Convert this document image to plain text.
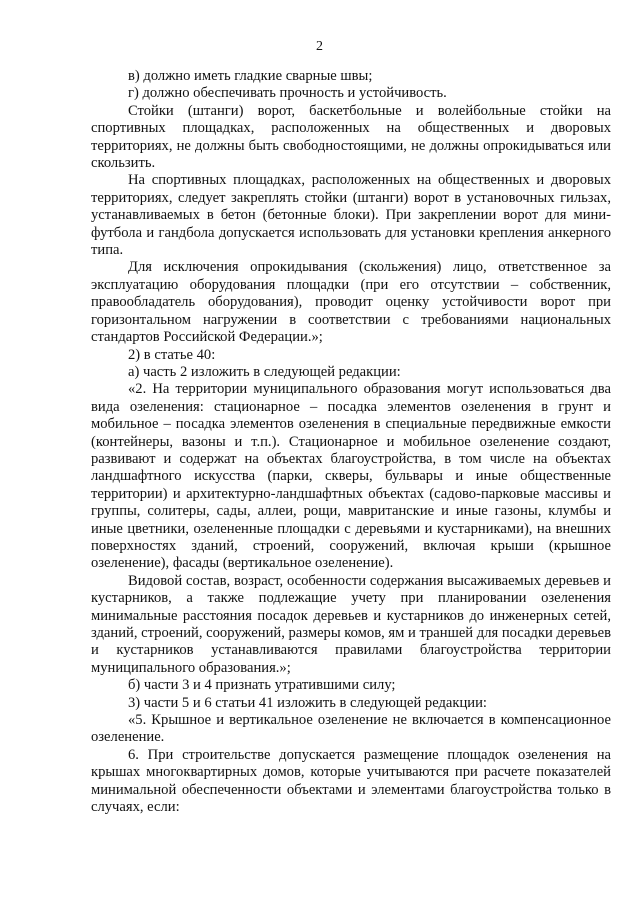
2

в) должно иметь гладкие сварные швы;

г) должно обеспечивать прочность и устойчивость.

Стойки (штанги) ворот, баскетбольные и волейбольные стойки на спортивных площадках, расположенных на общественных и дворовых территориях, не должны быть свободностоящими, не должны опрокидываться или скользить.

На спортивных площадках, расположенных на общественных и дворовых территориях, следует закреплять стойки (штанги) ворот в установочных гильзах, устанавливаемых в бетон (бетонные блоки). При закреплении ворот для мини-футбола и гандбола допускается использовать для установки крепления анкерного типа.

Для исключения опрокидывания (скольжения) лицо, ответственное за эксплуатацию оборудования площадки (при его отсутствии – собственник, правообладатель оборудования), проводит оценку устойчивости ворот при горизонтальном нагружении в соответствии с требованиями национальных стандартов Российской Федерации.»;

2) в статье 40:

а) часть 2 изложить в следующей редакции:

«2. На территории муниципального образования могут использоваться два вида озеленения: стационарное – посадка элементов озеленения в грунт и мобильное – посадка элементов озеленения в специальные передвижные емкости (контейнеры, вазоны и т.п.). Стационарное и мобильное озеленение создают, развивают и содержат на объектах благоустройства, в том числе на объектах ландшафтного искусства (парки, скверы, бульвары и иные общественные территории) и архитектурно-ландшафтных объектах (садово-парковые массивы и группы, солитеры, сады, аллеи, рощи, мавританские и иные газоны, клумбы и иные цветники, озелененные площадки с деревьями и кустарниками), на внешних поверхностях зданий, строений, сооружений, включая крыши (крышное озеленение), фасады (вертикальное озеленение).

Видовой состав, возраст, особенности содержания высаживаемых деревьев и кустарников, а также подлежащие учету при планировании озеленения минимальные расстояния посадок деревьев и кустарников до инженерных сетей, зданий, строений, сооружений, размеры комов, ям и траншей для посадки деревьев и кустарников устанавливаются правилами благоустройства территории муниципального образования.»;

б) части 3 и 4 признать утратившими силу;

3) части 5 и 6 статьи 41 изложить в следующей редакции:

«5. Крышное и вертикальное озеленение не включается в компенсационное озеленение.

6. При строительстве допускается размещение площадок озеленения на крышах многоквартирных домов, которые учитываются при расчете показателей минимальной обеспеченности объектами и элементами благоустройства только в случаях, если:
